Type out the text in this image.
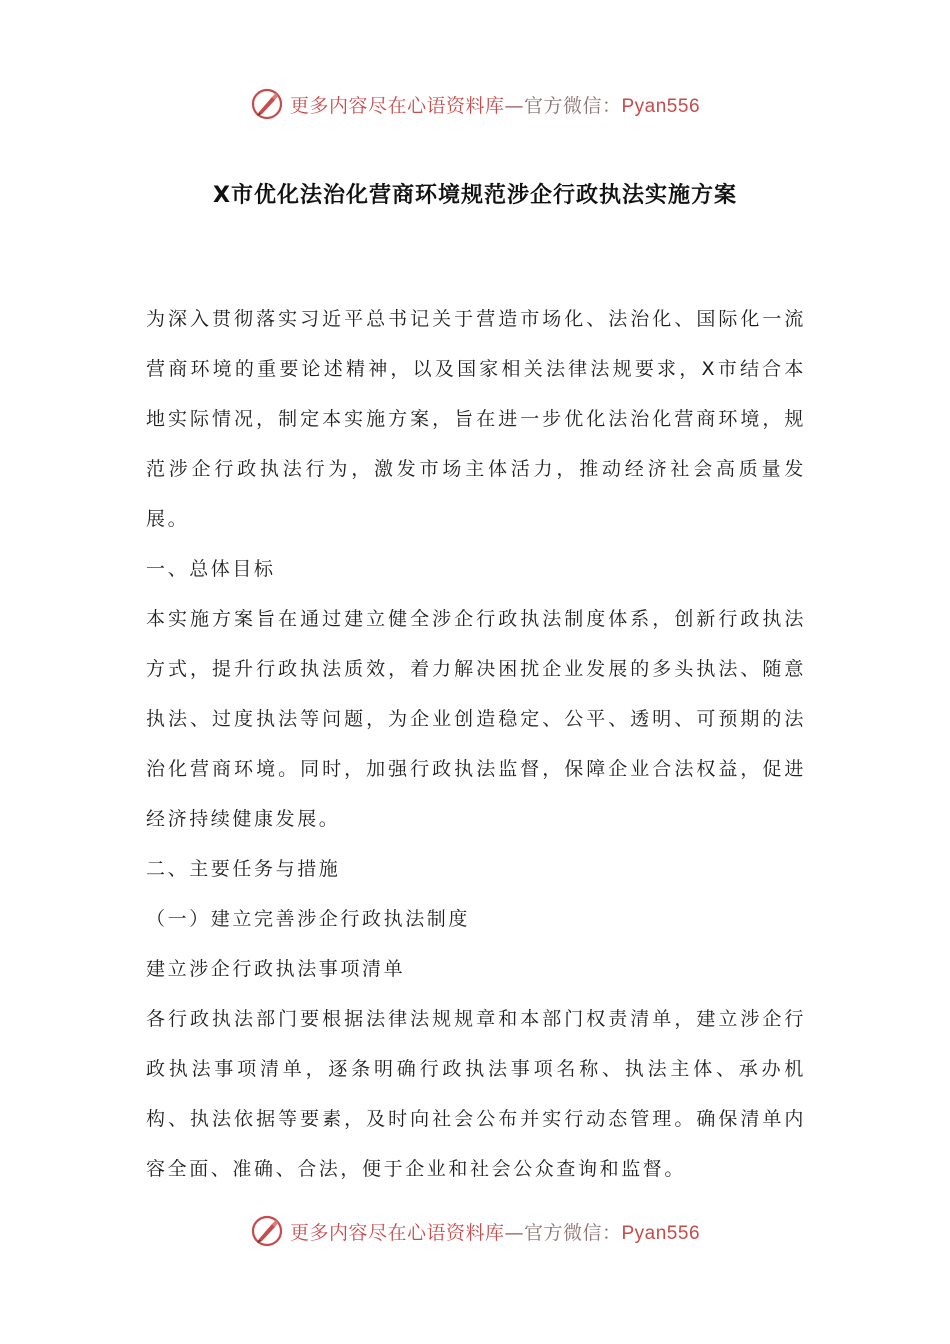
更多内容尽在心语资料库—官方微信：Pyan556
X市优化法治化营商环境规范涉企行政执法实施方案

为深入贯彻落实习近平总书记关于营造市场化、法治化、国际化一流营商环境的重要论述精神，以及国家相关法律法规要求，X市结合本地实际情况，制定本实施方案，旨在进一步优化法治化营商环境，规范涉企行政执法行为，激发市场主体活力，推动经济社会高质量发展。

一、总体目标

本实施方案旨在通过建立健全涉企行政执法制度体系，创新行政执法方式，提升行政执法质效，着力解决困扰企业发展的多头执法、随意执法、过度执法等问题，为企业创造稳定、公平、透明、可预期的法治化营商环境。同时，加强行政执法监督，保障企业合法权益，促进经济持续健康发展。

二、主要任务与措施

（一）建立完善涉企行政执法制度

建立涉企行政执法事项清单

各行政执法部门要根据法律法规规章和本部门权责清单，建立涉企行政执法事项清单，逐条明确行政执法事项名称、执法主体、承办机构、执法依据等要素，及时向社会公布并实行动态管理。确保清单内容全面、准确、合法，便于企业和社会公众查询和监督。

更多内容尽在心语资料库—官方微信：Pyan556
